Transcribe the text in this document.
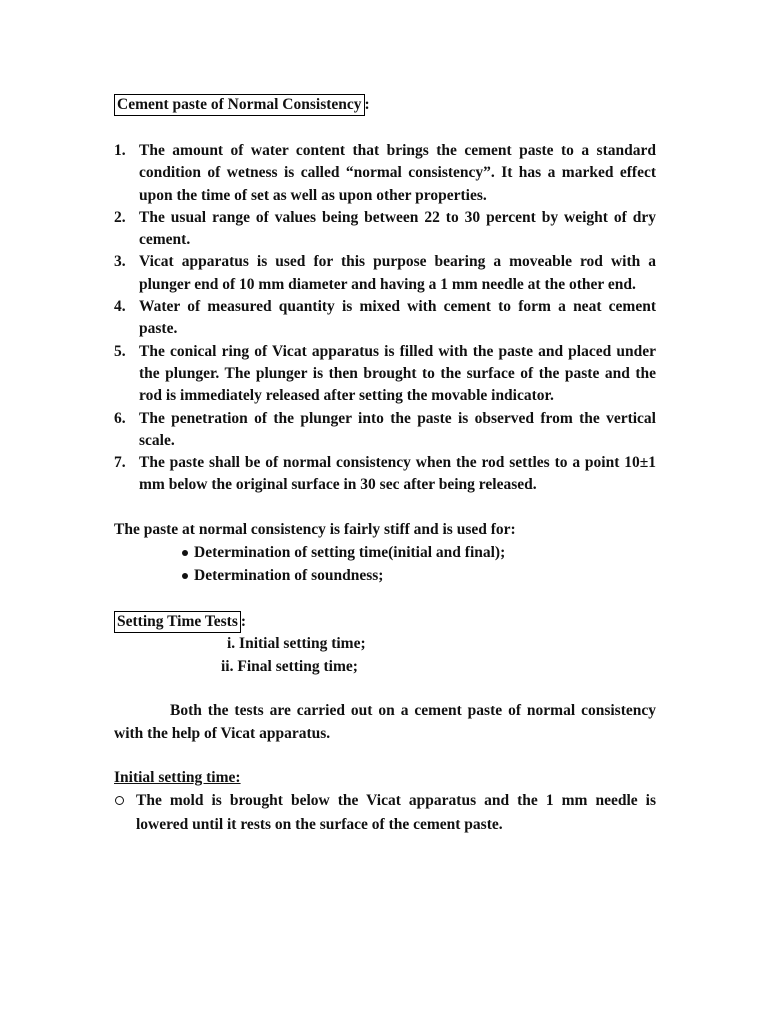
Cement paste of Normal Consistency :
1. The amount of water content that brings the cement paste to a standard condition of wetness is called “normal consistency”. It has a marked effect upon the time of set as well as upon other properties.
2. The usual range of values being between 22 to 30 percent by weight of dry cement.
3. Vicat apparatus is used for this purpose bearing a moveable rod with a plunger end of 10 mm diameter and having a 1 mm needle at the other end.
4. Water of measured quantity is mixed with cement to form a neat cement paste.
5. The conical ring of Vicat apparatus is filled with the paste and placed under the plunger. The plunger is then brought to the surface of the paste and the rod is immediately released after setting the movable indicator.
6. The penetration of the plunger into the paste is observed from the vertical scale.
7. The paste shall be of normal consistency when the rod settles to a point 10±1 mm below the original surface in 30 sec after being released.

The paste at normal consistency is fairly stiff and is used for:

Determination of setting time(initial and final);
Determination of soundness;
Setting Time Tests :
i. Initial setting time;
ii. Final setting time;

Both the tests are carried out on a cement paste of normal consistency with the help of Vicat apparatus.

Initial setting time:
The mold is brought below the Vicat apparatus and the 1 mm needle is lowered until it rests on the surface of the cement paste.
